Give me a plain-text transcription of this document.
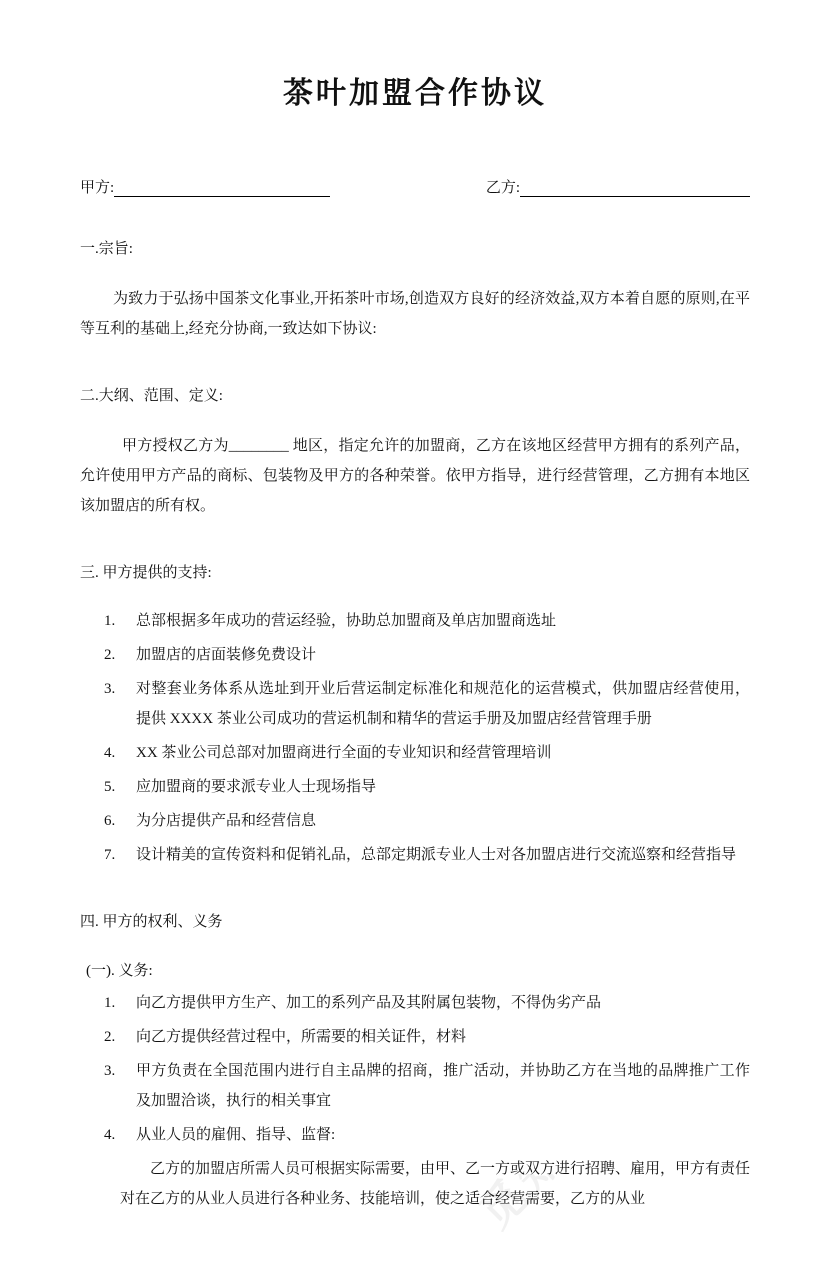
茶叶加盟合作协议
甲方:	乙方:
一.宗旨:

为致力于弘扬中国茶文化事业,开拓茶叶市场,创造双方良好的经济效益,双方本着自愿的原则,在平等互利的基础上,经充分协商,一致达如下协议:

二.大纲、范围、定义:

甲方授权乙方为________ 地区，指定允许的加盟商，乙方在该地区经营甲方拥有的系列产品，允许使用甲方产品的商标、包装物及甲方的各种荣誉。依甲方指导，进行经营管理，乙方拥有本地区该加盟店的所有权。

三. 甲方提供的支持:
1.	总部根据多年成功的营运经验，协助总加盟商及单店加盟商选址
2.	加盟店的店面装修免费设计
3.	对整套业务体系从选址到开业后营运制定标准化和规范化的运营模式，供加盟店经营使用，提供 XXXX 茶业公司成功的营运机制和精华的营运手册及加盟店经营管理手册
4.	XX 茶业公司总部对加盟商进行全面的专业知识和经营管理培训
5.	应加盟商的要求派专业人士现场指导
6.	为分店提供产品和经营信息
7.	设计精美的宣传资料和促销礼品，总部定期派专业人士对各加盟店进行交流巡察和经营指导
四. 甲方的权利、义务
(一). 义务:
1.	向乙方提供甲方生产、加工的系列产品及其附属包装物，不得伪劣产品
2.	向乙方提供经营过程中，所需要的相关证件，材料
3.	甲方负责在全国范围内进行自主品牌的招商，推广活动，并协助乙方在当地的品牌推广工作及加盟洽谈，执行的相关事宜
4.	从业人员的雇佣、指导、监督:

乙方的加盟店所需人员可根据实际需要，由甲、乙一方或双方进行招聘、雇用，甲方有责任对在乙方的从业人员进行各种业务、技能培训，使之适合经营需要，乙方的从业
